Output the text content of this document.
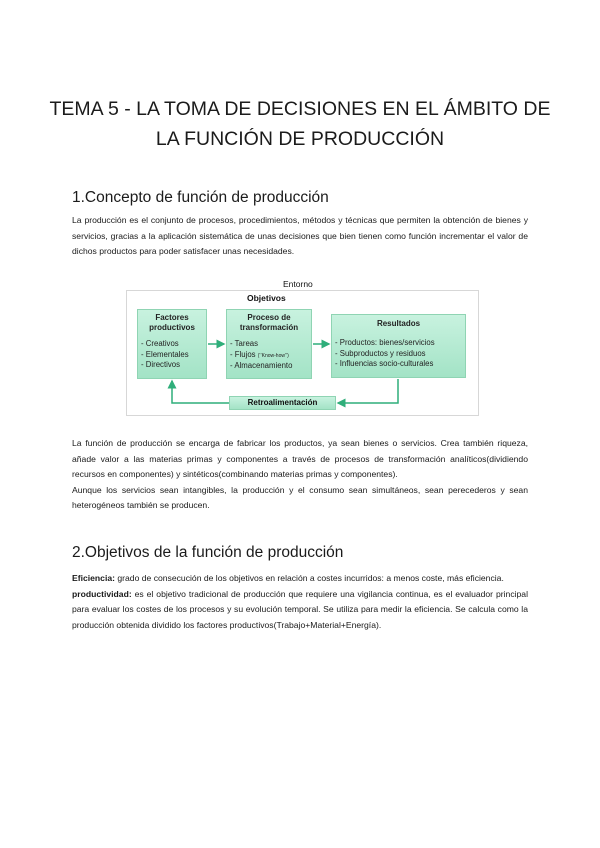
TEMA 5 - LA TOMA DE DECISIONES EN EL ÁMBITO DE
LA FUNCIÓN DE PRODUCCIÓN
1.Concepto de función de producción

La producción es el conjunto de procesos, procedimientos, métodos y técnicas que permiten la obtención de bienes y servicios, gracias a la aplicación sistemática de unas decisiones que bien tienen como función incrementar el valor de dichos productos para poder satisfacer unas necesidades.

Entorno
Objetivos
Factores productivos
- Creativos
- Elementales
- Directivos
Proceso de transformación
- Tareas
- Flujos (‘’Know-how’’)
- Almacenamiento
Resultados
- Productos: bienes/servicios
- Subproductos y residuos
- Influencias socio-culturales
Retroalimentación

La función de producción se encarga de fabricar los productos, ya sean bienes o servicios. Crea también riqueza, añade valor a las materias primas y componentes a través de procesos de transformación analíticos(dividiendo recursos en componentes) y sintéticos(combinando materias primas y componentes).

Aunque los servicios sean intangibles, la producción y el consumo sean simultáneos, sean perecederos y sean heterogéneos también se producen.

2.Objetivos de la función de producción

Eficiencia: grado de consecución de los objetivos en relación a costes incurridos: a menos coste, más eficiencia.

productividad: es el objetivo tradicional de producción que requiere una vigilancia continua, es el evaluador principal para evaluar los costes de los procesos y su evolución temporal. Se utiliza para medir la eficiencia. Se calcula como la producción obtenida dividido los factores productivos(Trabajo+Material+Energía).
